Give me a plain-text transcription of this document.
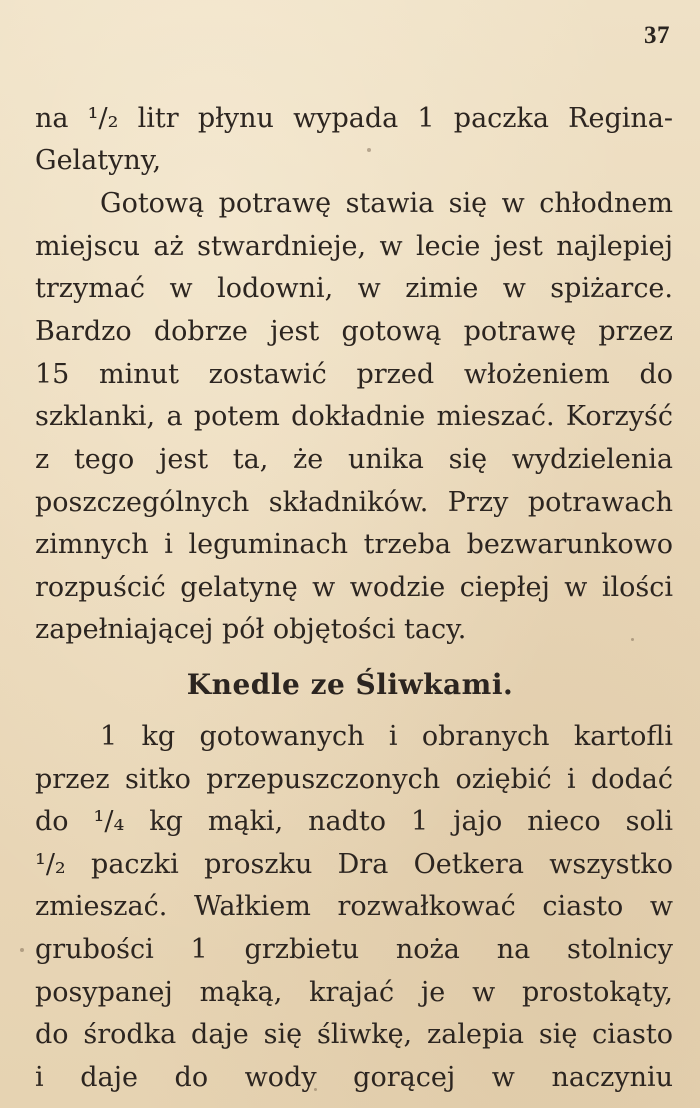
37
na ¹/₂ litr płynu wypada 1 paczka Regina-
Gelatyny,
Gotową potrawę stawia się w chłodnem
miejscu aż stwardnieje, w lecie jest najlepiej
trzymać w lodowni, w zimie w spiżarce.
Bardzo dobrze jest gotową potrawę przez
15 minut zostawić przed włożeniem do
szklanki, a potem dokładnie mieszać. Korzyść
z tego jest ta, że unika się wydzielenia
poszczególnych składników. Przy potrawach
zimnych i leguminach trzeba bezwarunkowo
rozpuścić gelatynę w wodzie ciepłej w ilości
zapełniającej pół objętości tacy.
Knedle ze Śliwkami.
1 kg gotowanych i obranych kartofli
przez sitko przepuszczonych oziębić i dodać
do ¹/₄ kg mąki, nadto 1 jajo nieco soli
¹/₂ paczki proszku Dra Oetkera wszystko
zmieszać. Wałkiem rozwałkować ciasto w
grubości 1 grzbietu noża na stolnicy
posypanej mąką, krajać je w prostokąty,
do środka daje się śliwkę, zalepia się ciasto
i daje do wody gorącej w naczyniu
